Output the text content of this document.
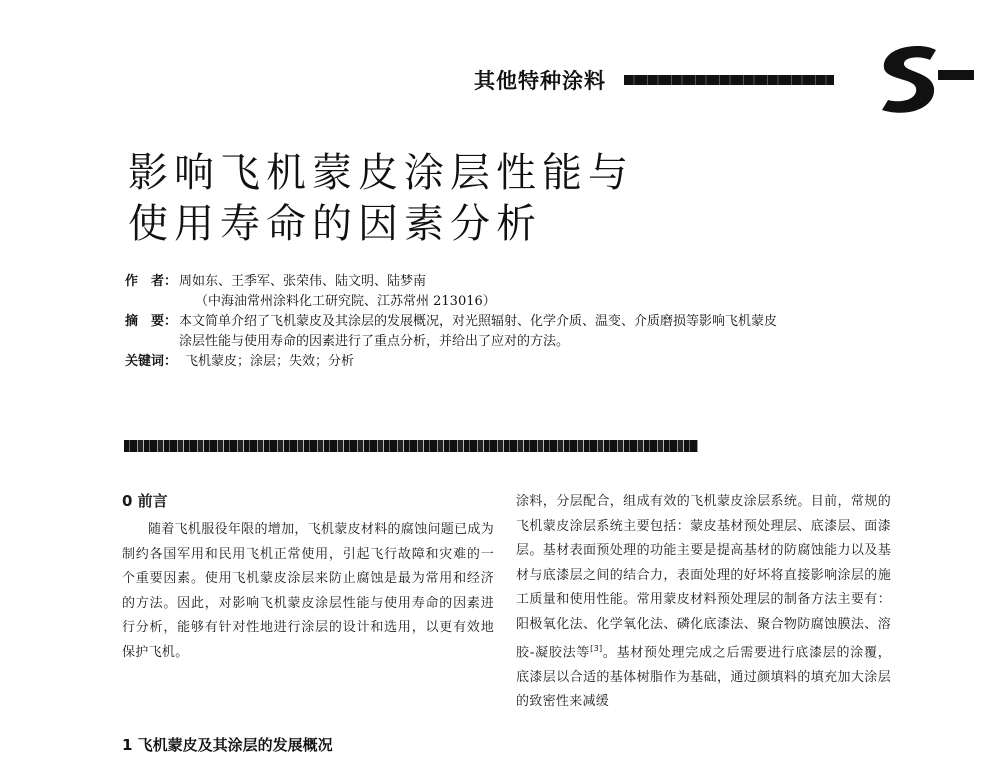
其他特种涂料
S
影响飞机蒙皮涂层性能与
使用寿命的因素分析
作　者： 周如东、王季军、张荣伟、陆文明、陆梦南
（中海油常州涂料化工研究院、江苏常州 213016）
摘　要： 本文简单介绍了飞机蒙皮及其涂层的发展概况，对光照辐射、化学介质、温变、介质磨损等影响飞机蒙皮涂层性能与使用寿命的因素进行了重点分析，并给出了应对的方法。
关键词： 飞机蒙皮；涂层；失效；分析
0 前言

随着飞机服役年限的增加，飞机蒙皮材料的腐蚀问题已成为制约各国军用和民用飞机正常使用，引起飞行故障和灾难的一个重要因素。使用飞机蒙皮涂层来防止腐蚀是最为常用和经济的方法。因此，对影响飞机蒙皮涂层性能与使用寿命的因素进行分析，能够有针对性地进行涂层的设计和选用，以更有效地保护飞机。

1 飞机蒙皮及其涂层的发展概况

涂料，分层配合，组成有效的飞机蒙皮涂层系统。目前，常规的飞机蒙皮涂层系统主要包括：蒙皮基材预处理层、底漆层、面漆层。基材表面预处理的功能主要是提高基材的防腐蚀能力以及基材与底漆层之间的结合力，表面处理的好坏将直接影响涂层的施工质量和使用性能。常用蒙皮材料预处理层的制备方法主要有：阳极氧化法、化学氧化法、磷化底漆法、聚合物防腐蚀膜法、溶胶-凝胶法等[3]。基材预处理完成之后需要进行底漆层的涂覆，底漆层以合适的基体树脂作为基础，通过颜填料的填充加大涂层的致密性来减缓
